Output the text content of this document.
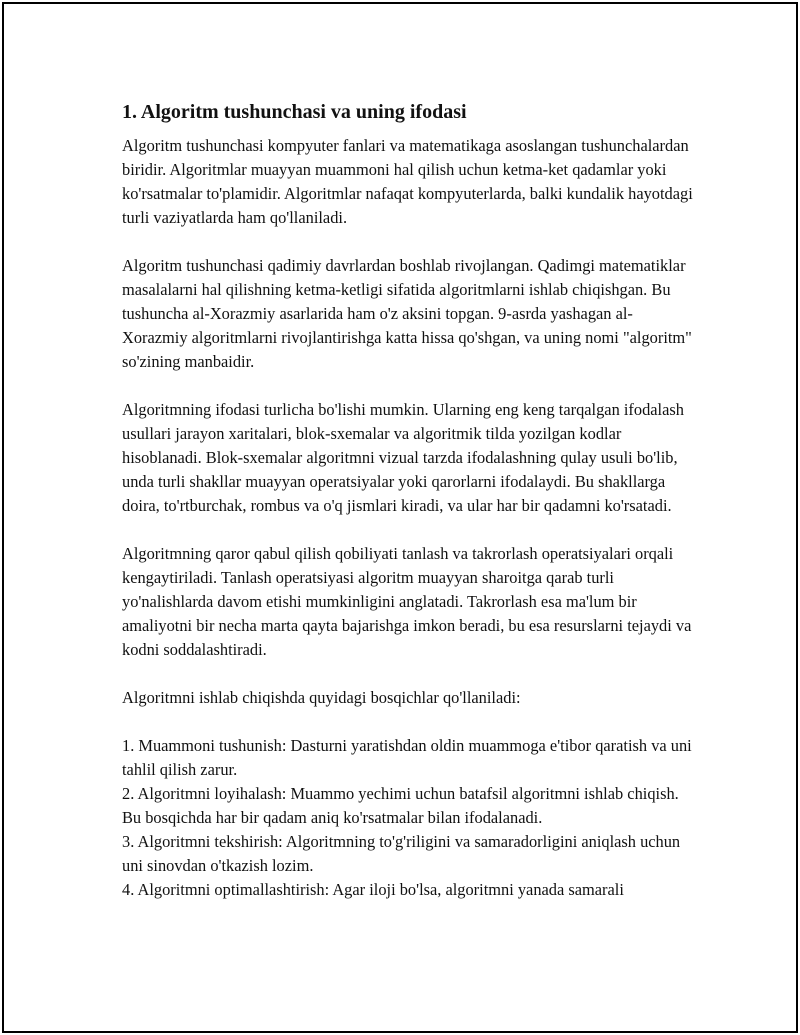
1. Algoritm tushunchasi va uning ifodasi

Algoritm tushunchasi kompyuter fanlari va matematikaga asoslangan tushunchalardan biridir. Algoritmlar muayyan muammoni hal qilish uchun ketma-ket qadamlar yoki ko'rsatmalar to'plamidir. Algoritmlar nafaqat kompyuterlarda, balki kundalik hayotdagi turli vaziyatlarda ham qo'llaniladi.

Algoritm tushunchasi qadimiy davrlardan boshlab rivojlangan. Qadimgi matematiklar masalalarni hal qilishning ketma-ketligi sifatida algoritmlarni ishlab chiqishgan. Bu tushuncha al-Xorazmiy asarlarida ham o'z aksini topgan. 9-asrda yashagan al-Xorazmiy algoritmlarni rivojlantirishga katta hissa qo'shgan, va uning nomi "algoritm" so'zining manbaidir.

Algoritmning ifodasi turlicha bo'lishi mumkin. Ularning eng keng tarqalgan ifodalash usullari jarayon xaritalari, blok-sxemalar va algoritmik tilda yozilgan kodlar hisoblanadi. Blok-sxemalar algoritmni vizual tarzda ifodalashning qulay usuli bo'lib, unda turli shakllar muayyan operatsiyalar yoki qarorlarni ifodalaydi. Bu shakllarga doira, to'rtburchak, rombus va o'q jismlari kiradi, va ular har bir qadamni ko'rsatadi.

Algoritmning qaror qabul qilish qobiliyati tanlash va takrorlash operatsiyalari orqali kengaytiriladi. Tanlash operatsiyasi algoritm muayyan sharoitga qarab turli yo'nalishlarda davom etishi mumkinligini anglatadi. Takrorlash esa ma'lum bir amaliyotni bir necha marta qayta bajarishga imkon beradi, bu esa resurslarni tejaydi va kodni soddalashtiradi.

Algoritmni ishlab chiqishda quyidagi bosqichlar qo'llaniladi:

1. Muammoni tushunish: Dasturni yaratishdan oldin muammoga e'tibor qaratish va uni tahlil qilish zarur.
2. Algoritmni loyihalash: Muammo yechimi uchun batafsil algoritmni ishlab chiqish. Bu bosqichda har bir qadam aniq ko'rsatmalar bilan ifodalanadi.
3. Algoritmni tekshirish: Algoritmning to'g'riligini va samaradorligini aniqlash uchun uni sinovdan o'tkazish lozim.
4. Algoritmni optimallashtirish: Agar iloji bo'lsa, algoritmni yanada samarali
